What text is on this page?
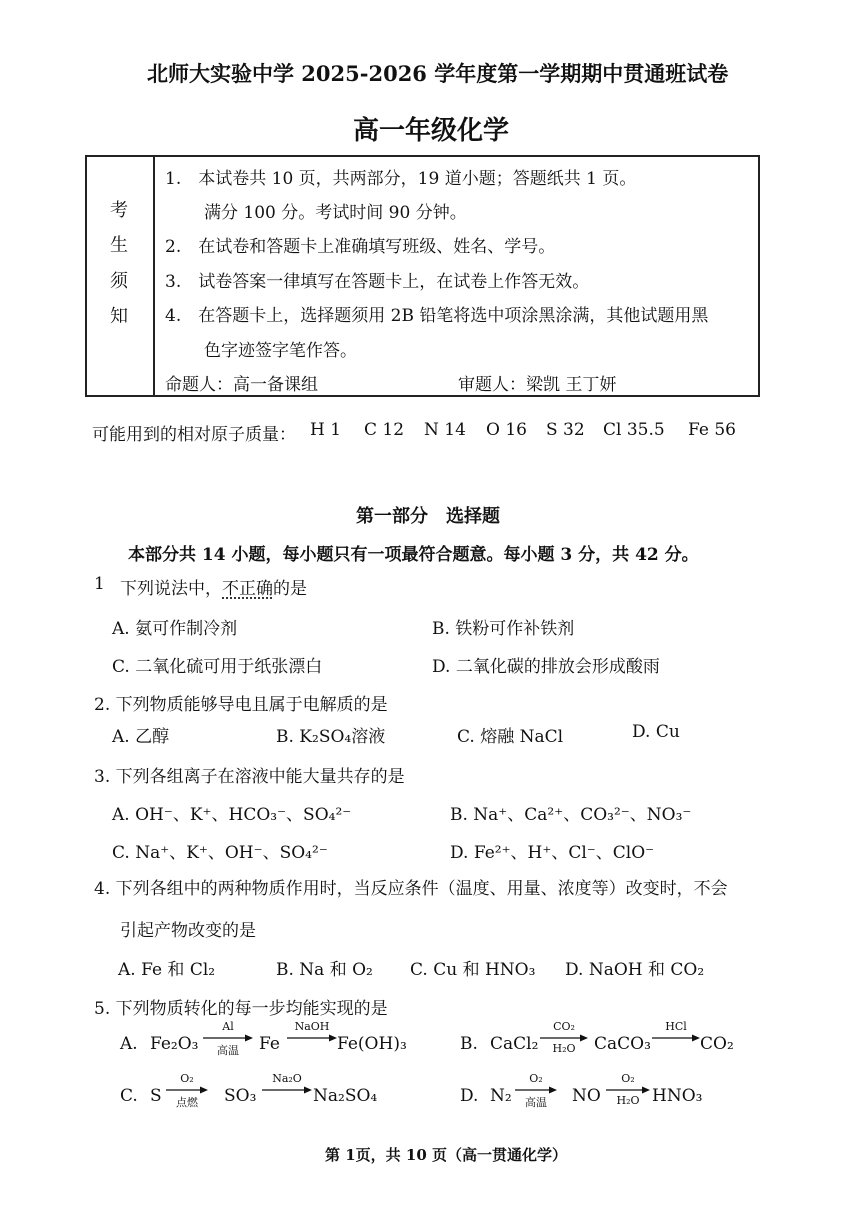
北师大实验中学 2025-2026 学年度第一学期期中贯通班试卷
高一年级化学
考
生
须
知
1.　本试卷共 10 页，共两部分，19 道小题；答题纸共 1 页。
满分 100 分。考试时间 90 分钟。
2.　在试卷和答题卡上准确填写班级、姓名、学号。
3.　试卷答案一律填写在答题卡上，在试卷上作答无效。
4.　在答题卡上，选择题须用 2B 铅笔将选中项涂黑涂满，其他试题用黑
色字迹签字笔作答。
命题人：高一备课组	审题人：梁凯 王丁妍
可能用到的相对原子质量： H 1 C 12 N 14 O 16 S 32 Cl 35.5 Fe 56
第一部分　选择题
本部分共 14 小题，每小题只有一项最符合题意。每小题 3 分，共 42 分。
1 下列说法中，不正确的是
A. 氨可作制冷剂	B. 铁粉可作补铁剂
C. 二氧化硫可用于纸张漂白	D. 二氧化碳的排放会形成酸雨
2. 下列物质能够导电且属于电解质的是
A. 乙醇	B. K₂SO₄溶液	C. 熔融 NaCl	D. Cu
3. 下列各组离子在溶液中能大量共存的是
A. OH⁻、K⁺、HCO₃⁻、SO₄²⁻	B. Na⁺、Ca²⁺、CO₃²⁻、NO₃⁻
C. Na⁺、K⁺、OH⁻、SO₄²⁻	D. Fe²⁺、H⁺、Cl⁻、ClO⁻
4. 下列各组中的两种物质作用时，当反应条件（温度、用量、浓度等）改变时，不会
引起产物改变的是
A. Fe 和 Cl₂	B. Na 和 O₂ C. Cu 和 HNO₃ D. NaOH 和 CO₂
5. 下列物质转化的每一步均能实现的是
A. Fe₂O₃
Al
高温	Fe
NaOH
Fe(OH)₃	B. CaCl₂
CO₂
H₂O	CaCO₃
HCl
CO₂
C. S
O₂
点燃	SO₃
Na₂O
Na₂SO₄	D. N₂
O₂
高温	NO
O₂
H₂O HNO₃
第 1页，共 10 页（高一贯通化学）
